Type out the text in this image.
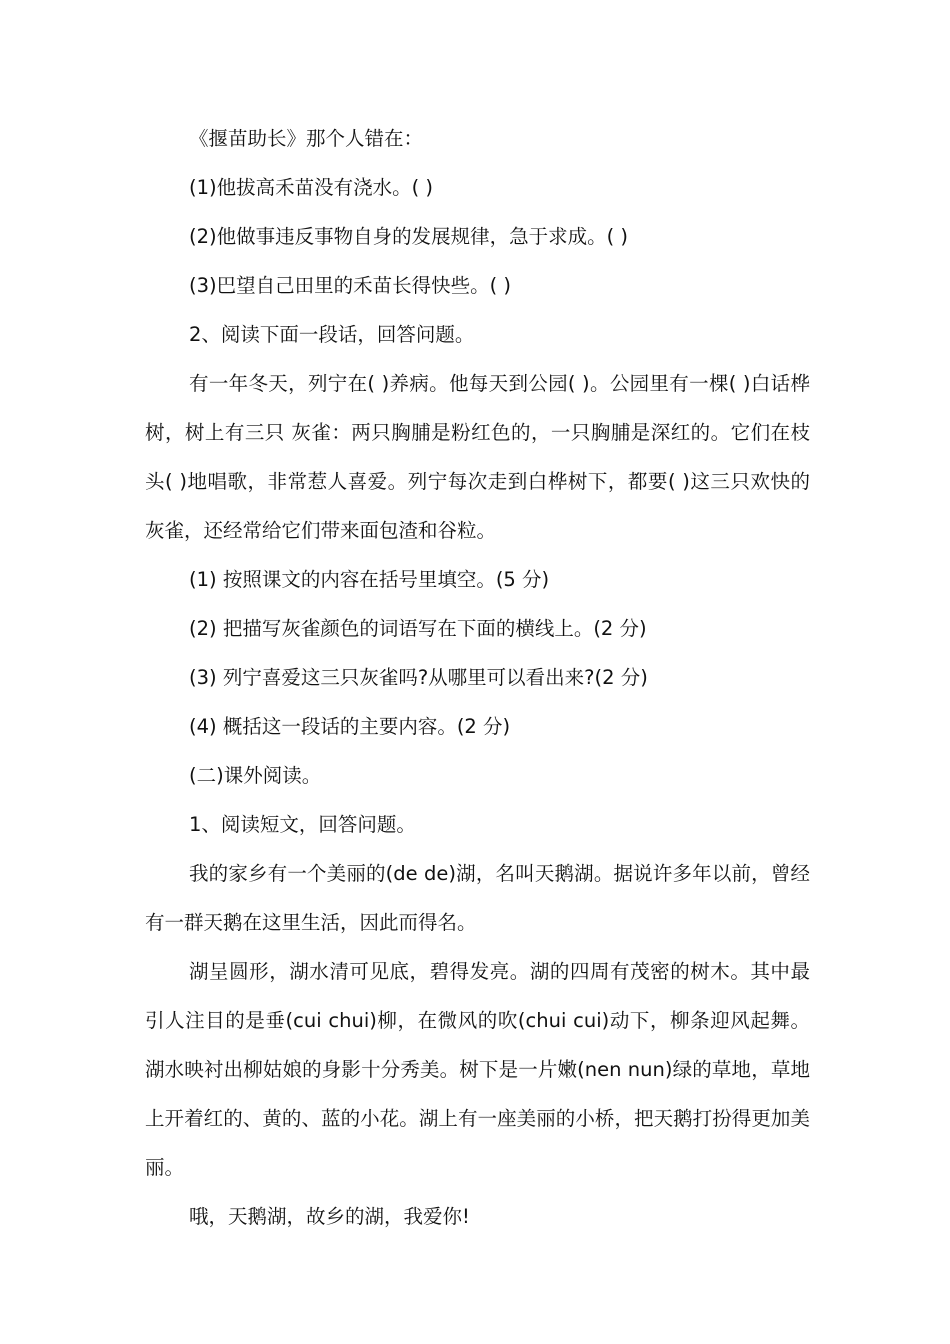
《揠苗助长》那个人错在：

(1)他拔高禾苗没有浇水。( )

(2)他做事违反事物自身的发展规律，急于求成。( )

(3)巴望自己田里的禾苗长得快些。( )

2、阅读下面一段话，回答问题。

有一年冬天，列宁在( )养病。他每天到公园( )。公园里有一棵( )白话桦树，树上有三只 灰雀：两只胸脯是粉红色的，一只胸脯是深红的。它们在枝头( )地唱歌，非常惹人喜爱。列宁每次走到白桦树下，都要( )这三只欢快的灰雀，还经常给它们带来面包渣和谷粒。

(1) 按照课文的内容在括号里填空。(5 分)

(2) 把描写灰雀颜色的词语写在下面的横线上。(2 分)

(3) 列宁喜爱这三只灰雀吗?从哪里可以看出来?(2 分)

(4) 概括这一段话的主要内容。(2 分)

(二)课外阅读。

1、阅读短文，回答问题。

我的家乡有一个美丽的(de de)湖，名叫天鹅湖。据说许多年以前，曾经有一群天鹅在这里生活，因此而得名。

湖呈圆形，湖水清可见底，碧得发亮。湖的四周有茂密的树木。其中最引人注目的是垂(cui chui)柳，在微风的吹(chui cui)动下，柳条迎风起舞。湖水映衬出柳姑娘的身影十分秀美。树下是一片嫩(nen nun)绿的草地，草地上开着红的、黄的、蓝的小花。湖上有一座美丽的小桥，把天鹅打扮得更加美丽。

哦，天鹅湖，故乡的湖，我爱你!
